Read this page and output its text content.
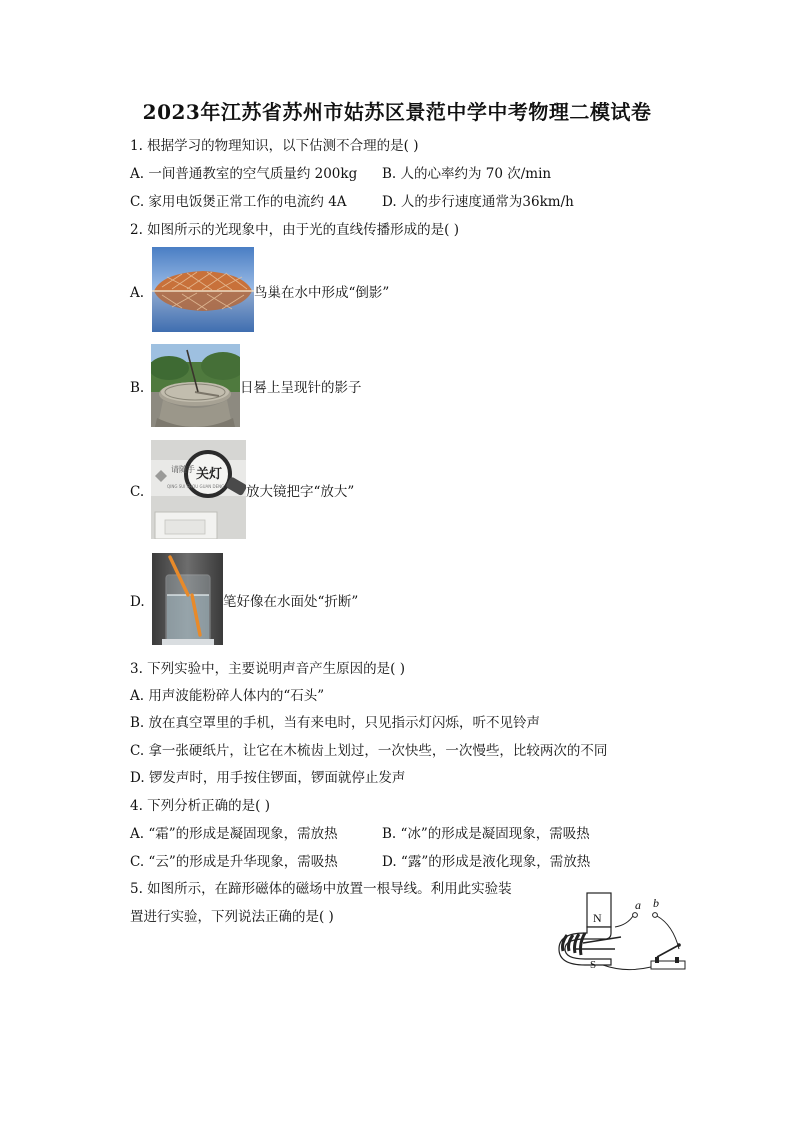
2023年江苏省苏州市姑苏区景范中学中考物理二模试卷
1. 根据学习的物理知识，以下估测不合理的是( )
A. 一间普通教室的空气质量约 200kg B. 人的心率约为 70 次/min
C. 家用电饭煲正常工作的电流约 4A	D. 人的步行速度通常为36km/h
2. 如图所示的光现象中，由于光的直线传播形成的是( )
A.	鸟巢在水中形成“倒影”
B.	日晷上呈现针的影子
C.
请随手 关灯
QING SUI SHOU GUAN DENG 放大镜把字“放大”
D.	笔好像在水面处“折断”
3. 下列实验中，主要说明声音产生原因的是( )
A. 用声波能粉碎人体内的“石头”
B. 放在真空罩里的手机，当有来电时，只见指示灯闪烁，听不见铃声
C. 拿一张硬纸片，让它在木梳齿上划过，一次快些，一次慢些，比较两次的不同
D. 锣发声时，用手按住锣面，锣面就停止发声
4. 下列分析正确的是( )
A. “霜”的形成是凝固现象，需放热	B. “冰”的形成是凝固现象，需吸热
C. “云”的形成是升华现象，需吸热	D. “露”的形成是液化现象，需放热
5. 如图所示，在蹄形磁体的磁场中放置一根导线。利用此实验装
置进行实验，下列说法正确的是( )	N
S
a b
